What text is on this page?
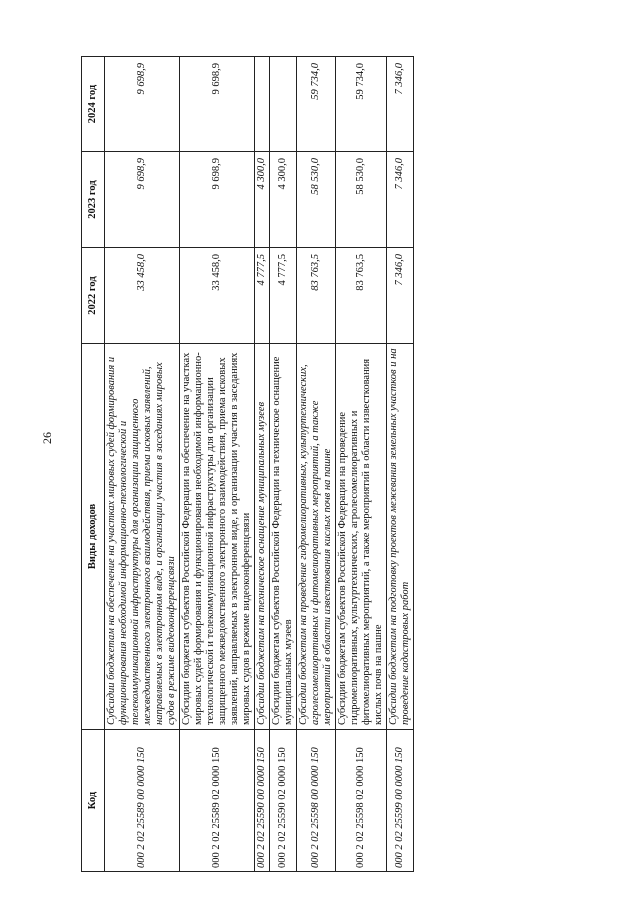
26
Код	Виды доходов	2022 год	2023 год	2024 год
000 2 02 25589 00 0000 150	Субсидии бюджетам на обеспечение на участках мировых судей формирования и функционирования необходимой информационно-технологической и телекоммуникационной инфраструктуры для организации защищенного межведомственного электронного взаимодействия, приема исковых заявлений, направляемых в электронном виде, и организации участия в заседаниях мировых судов в режиме видеоконференцсвязи	33 458,0	9 698,9	9 698,9
000 2 02 25589 02 0000 150	Субсидии бюджетам субъектов Российской Федерации на обеспечение на участках мировых судей формирования и функционирования необходимой информационно-технологической и телекоммуникационной инфраструктуры для организации защищенного межведомственного электронного взаимодействия, приема исковых заявлений, направляемых в электронном виде, и организации участия в заседаниях мировых судов в режиме видеоконференцсвязи	33 458,0	9 698,9	9 698,9
000 2 02 25590 00 0000 150	Субсидии бюджетам на техническое оснащение муниципальных музеев	4 777,5	4 300,0	
000 2 02 25590 02 0000 150	Субсидии бюджетам субъектов Российской Федерации на техническое оснащение муниципальных музеев	4 777,5	4 300,0	
000 2 02 25598 00 0000 150	Субсидии бюджетам на проведение гидромелиоративных, культуртехнических, агролесомелиоративных и фитомелиоративных мероприятий, а также мероприятий в области известкования кислых почв на пашне	83 763,5	58 530,0	59 734,0
000 2 02 25598 02 0000 150	Субсидии бюджетам субъектов Российской Федерации на проведение гидромелиоративных, культуртехнических, агролесомелиоративных и фитомелиоративных мероприятий, а также мероприятий в области известкования кислых почв на пашне	83 763,5	58 530,0	59 734,0
000 2 02 25599 00 0000 150	Субсидии бюджетам на подготовку проектов межевания земельных участков и на проведение кадастровых работ	7 346,0	7 346,0	7 346,0
